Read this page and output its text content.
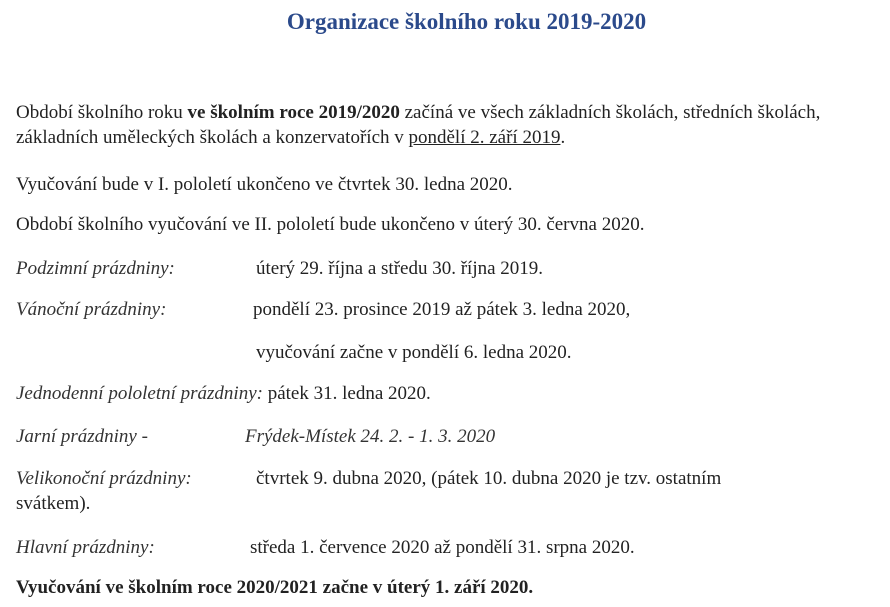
Organizace školního roku 2019-2020
Období školního roku ve školním roce 2019/2020 začíná ve všech základních školách, středních školách, základních uměleckých školách a konzervatořích v pondělí 2. září 2019.
Vyučování bude v I. pololetí ukončeno ve čtvrtek 30. ledna 2020.
Období školního vyučování ve II. pololetí bude ukončeno v úterý 30. června 2020.
Podzimní prázdniny:	úterý 29. října a středu 30. října 2019.
Vánoční prázdniny:	pondělí 23. prosince 2019 až pátek 3. ledna 2020,
vyučování začne v pondělí 6. ledna 2020.
Jednodenní pololetní prázdniny: pátek 31. ledna 2020.
Jarní prázdniny -	Frýdek-Místek 24. 2. - 1. 3. 2020
Velikonoční prázdniny:	čtvrtek 9. dubna 2020, (pátek 10. dubna 2020 je tzv. ostatním
svátkem).
Hlavní prázdniny:	středa 1. července 2020 až pondělí 31. srpna 2020.
Vyučování ve školním roce 2020/2021 začne v úterý 1. září 2020.
